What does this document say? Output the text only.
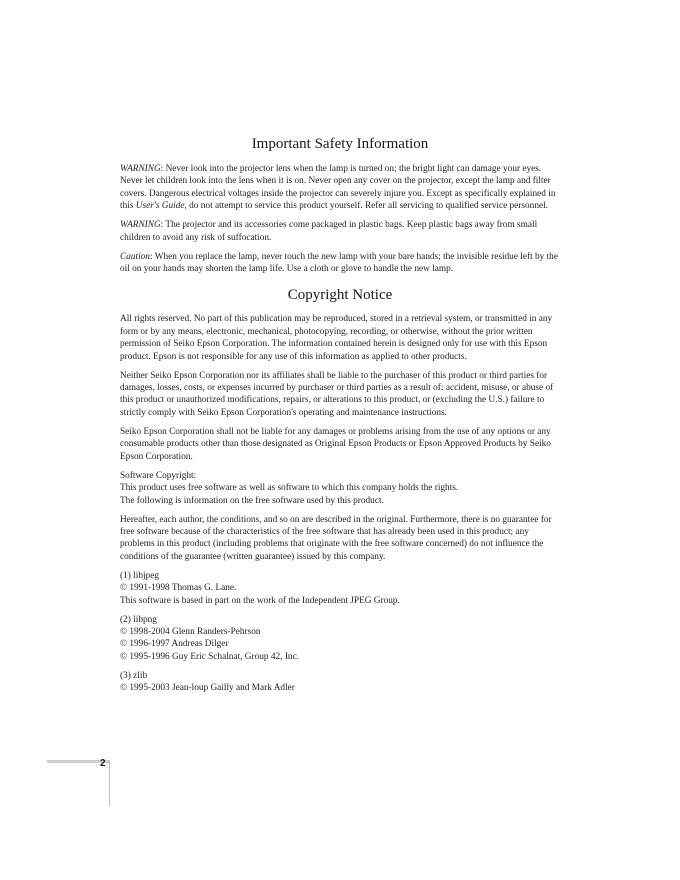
Important Safety Information

WARNING: Never look into the projector lens when the lamp is turned on; the bright light can damage your eyes. Never let children look into the lens when it is on. Never open any cover on the projector, except the lamp and filter covers. Dangerous electrical voltages inside the projector can severely injure you. Except as specifically explained in this User's Guide, do not attempt to service this product yourself. Refer all servicing to qualified service personnel.

WARNING: The projector and its accessories come packaged in plastic bags. Keep plastic bags away from small children to avoid any risk of suffocation.

Caution: When you replace the lamp, never touch the new lamp with your bare hands; the invisible residue left by the oil on your hands may shorten the lamp life. Use a cloth or glove to handle the new lamp.

Copyright Notice

All rights reserved. No part of this publication may be reproduced, stored in a retrieval system, or transmitted in any form or by any means, electronic, mechanical, photocopying, recording, or otherwise, without the prior written permission of Seiko Epson Corporation. The information contained herein is designed only for use with this Epson product. Epson is not responsible for any use of this information as applied to other products.

Neither Seiko Epson Corporation nor its affiliates shall be liable to the purchaser of this product or third parties for damages, losses, costs, or expenses incurred by purchaser or third parties as a result of: accident, misuse, or abuse of this product or unauthorized modifications, repairs, or alterations to this product, or (excluding the U.S.) failure to strictly comply with Seiko Epson Corporation's operating and maintenance instructions.

Seiko Epson Corporation shall not be liable for any damages or problems arising from the use of any options or any consumable products other than those designated as Original Epson Products or Epson Approved Products by Seiko Epson Corporation.

Software Copyright:
This product uses free software as well as software to which this company holds the rights.
The following is information on the free software used by this product.

Hereafter, each author, the conditions, and so on are described in the original. Furthermore, there is no guarantee for free software because of the characteristics of the free software that has already been used in this product; any problems in this product (including problems that originate with the free software concerned) do not influence the conditions of the guarantee (written guarantee) issued by this company.

(1) libjpeg
© 1991-1998 Thomas G. Lane.
This software is based in part on the work of the Independent JPEG Group.

(2) libpng
© 1998-2004 Glenn Randers-Pehrson
© 1996-1997 Andreas Dilger
© 1995-1996 Guy Eric Schalnat, Group 42, Inc.

(3) zlib
© 1995-2003 Jean-loup Gailly and Mark Adler

2
